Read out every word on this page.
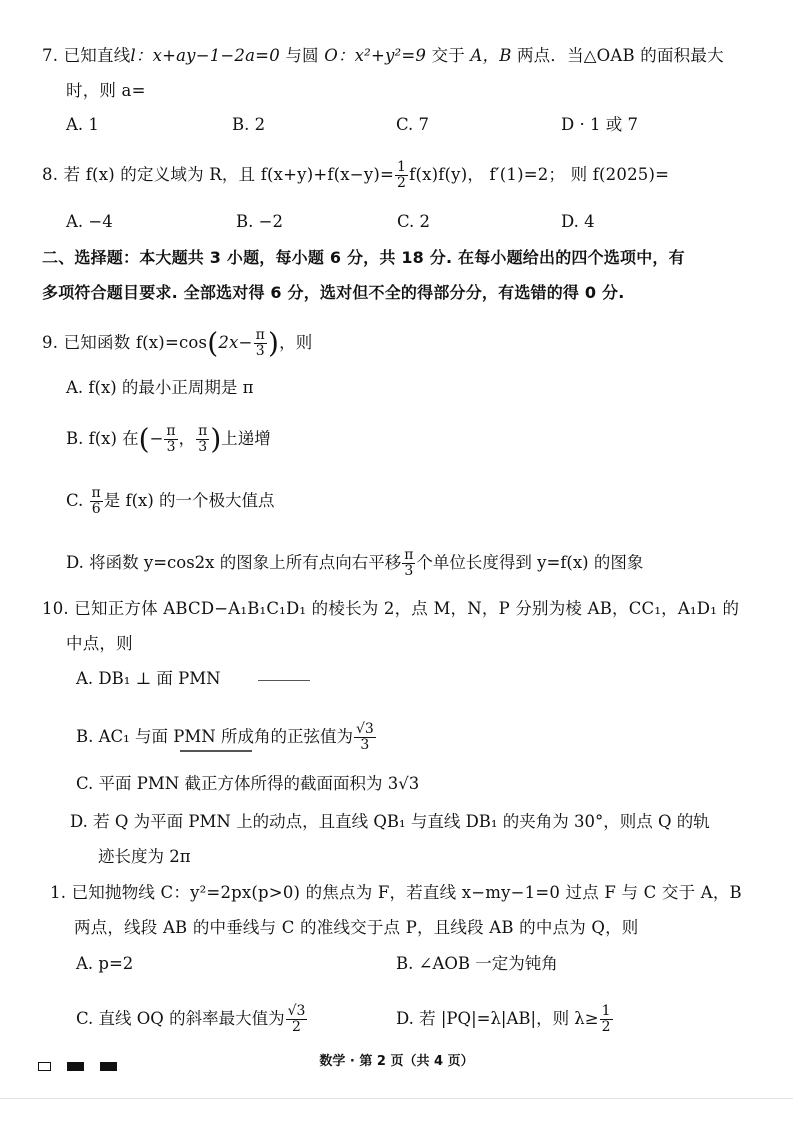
7. 已知直线l：x+ay−1−2a=0 与圆 O：x²+y²=9 交于 A，B 两点．当△OAB 的面积最大
时，则 a=
A. 1	B. 2	C. 7	D · 1 或 7
8. 若 f(x) 的定义域为 R，且 $f(x+y)+f(x-y)= \frac{1}{2} f(x)f(y)$， f′(1)=2； 则 f(2025)=
A. −4	B. −2	C. 2	D. 4
二、选择题：本大题共 3 小题，每小题 6 分，共 18 分. 在每小题给出的四个选项中，有
多项符合题目要求. 全部选对得 6 分，选对但不全的得部分分，有选错的得 0 分.
9. 已知函数 $f(x)=\cos(2x- \frac{\pi}{3}$ )，则
A. f(x) 的最小正周期是 π
B. f(x) 在(− $\frac{\pi}{3}$ ， $\frac{\pi}{3}$ )上递增
C. $\frac{\pi}{6}$ 是 f(x) 的一个极大值点
D. 将函数 y=cos2x 的图象上所有点向右平移 $\frac{\pi}{3}$ 个单位长度得到 y=f(x) 的图象
10. 已知正方体 ABCD−A₁B₁C₁D₁ 的棱长为 2，点 M，N，P 分别为棱 AB，CC₁，A₁D₁ 的
中点，则
A. DB₁ ⊥ 面 PMN
B. AC₁ 与面 PMN 所成角的正弦值为 $\frac{√3}{3}$
C. 平面 PMN 截正方体所得的截面面积为 3√3
D. 若 Q 为平面 PMN 上的动点，且直线 QB₁ 与直线 DB₁ 的夹角为 30°，则点 Q 的轨
迹长度为 2π
1. 已知抛物线 C：y²=2px(p>0) 的焦点为 F，若直线 x−my−1=0 过点 F 与 C 交于 A，B
两点，线段 AB 的中垂线与 C 的准线交于点 P，且线段 AB 的中点为 Q，则
A. p=2	B. ∠AOB 一定为钝角
C. 直线 OQ 的斜率最大值为 $\frac{√3}{2}$	D. 若 |PQ|=λ|AB|，则 $\lambda\ge \frac{1}{2}$
数学 · 第 2 页（共 4 页）
